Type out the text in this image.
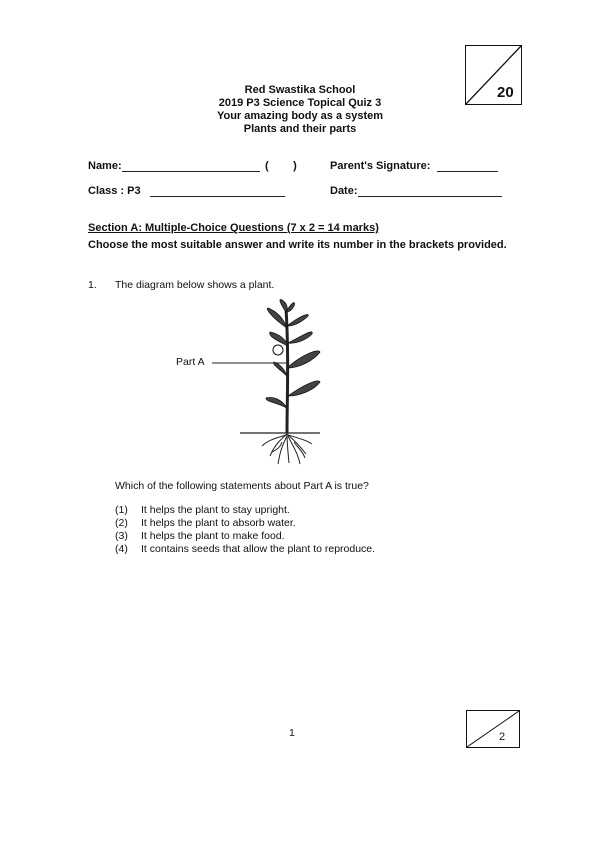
20
Red Swastika School
2019 P3 Science Topical Quiz 3
Your amazing body as a system
Plants and their parts
Name:	(        )	Parent's Signature:
Class : P3	Date:
Section A: Multiple-Choice Questions (7 x 2 = 14 marks)
Choose the most suitable answer and write its number in the brackets provided.
1. The diagram below shows a plant.
Part A
Which of the following statements about Part A is true?
(1) It helps the plant to stay upright.
(2) It helps the plant to absorb water.
(3) It helps the plant to make food.
(4) It contains seeds that allow the plant to reproduce.
1	2
